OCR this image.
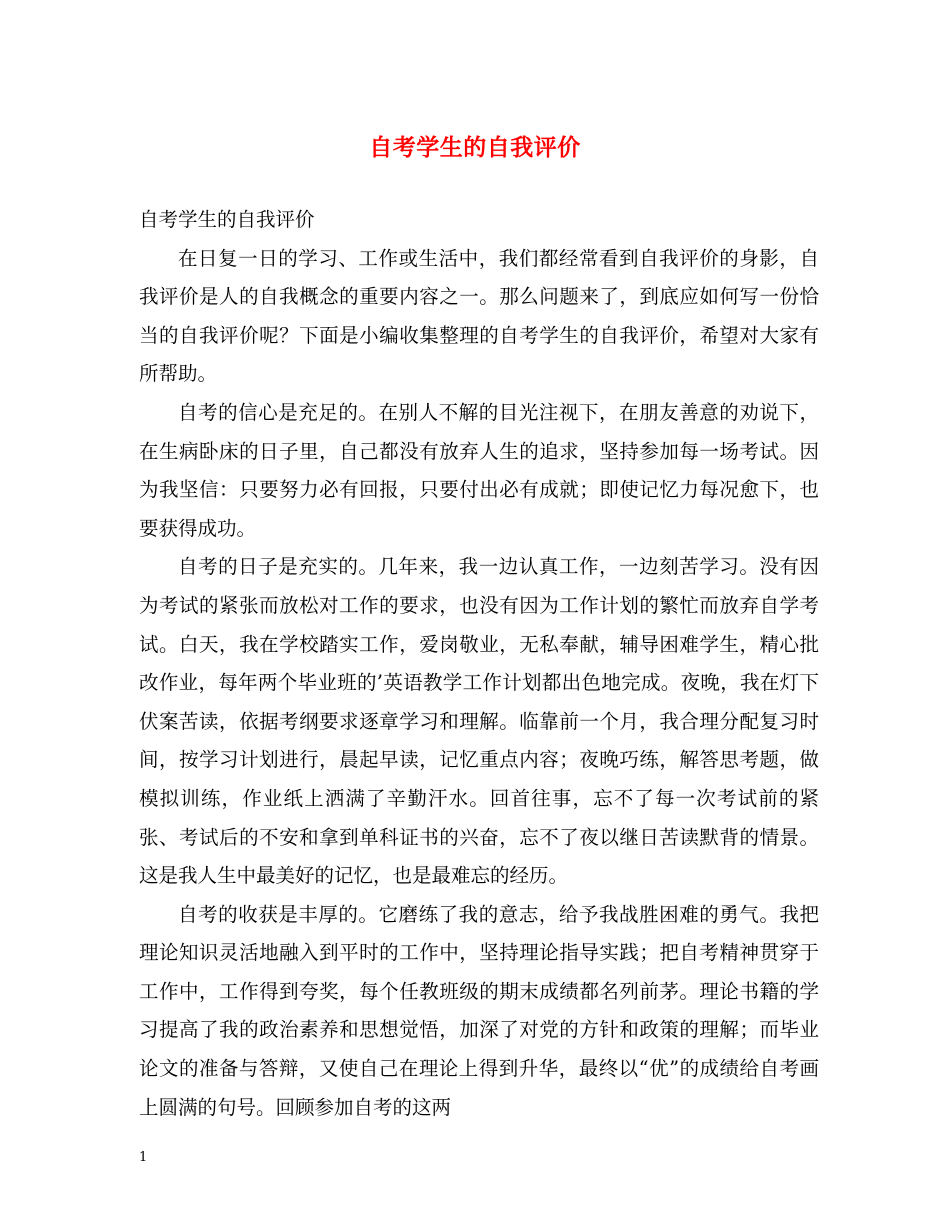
自考学生的自我评价

自考学生的自我评价

在日复一日的学习、工作或生活中，我们都经常看到自我评价的身影，自我评价是人的自我概念的重要内容之一。那么问题来了，到底应如何写一份恰当的自我评价呢？下面是小编收集整理的自考学生的自我评价，希望对大家有所帮助。

自考的信心是充足的。在别人不解的目光注视下，在朋友善意的劝说下，在生病卧床的日子里，自己都没有放弃人生的追求，坚持参加每一场考试。因为我坚信：只要努力必有回报，只要付出必有成就；即使记忆力每况愈下，也要获得成功。

自考的日子是充实的。几年来，我一边认真工作，一边刻苦学习。没有因为考试的紧张而放松对工作的要求，也没有因为工作计划的繁忙而放弃自学考试。白天，我在学校踏实工作，爱岗敬业，无私奉献，辅导困难学生，精心批改作业，每年两个毕业班的’英语教学工作计划都出色地完成。夜晚，我在灯下伏案苦读，依据考纲要求逐章学习和理解。临靠前一个月，我合理分配复习时间，按学习计划进行，晨起早读，记忆重点内容；夜晚巧练，解答思考题，做模拟训练，作业纸上洒满了辛勤汗水。回首往事，忘不了每一次考试前的紧张、考试后的不安和拿到单科证书的兴奋，忘不了夜以继日苦读默背的情景。这是我人生中最美好的记忆，也是最难忘的经历。

自考的收获是丰厚的。它磨练了我的意志，给予我战胜困难的勇气。我把理论知识灵活地融入到平时的工作中，坚持理论指导实践；把自考精神贯穿于工作中，工作得到夸奖，每个任教班级的期末成绩都名列前茅。理论书籍的学习提高了我的政治素养和思想觉悟，加深了对党的方针和政策的理解；而毕业论文的准备与答辩，又使自己在理论上得到升华，最终以“优”的成绩给自考画上圆满的句号。回顾参加自考的这两

1
